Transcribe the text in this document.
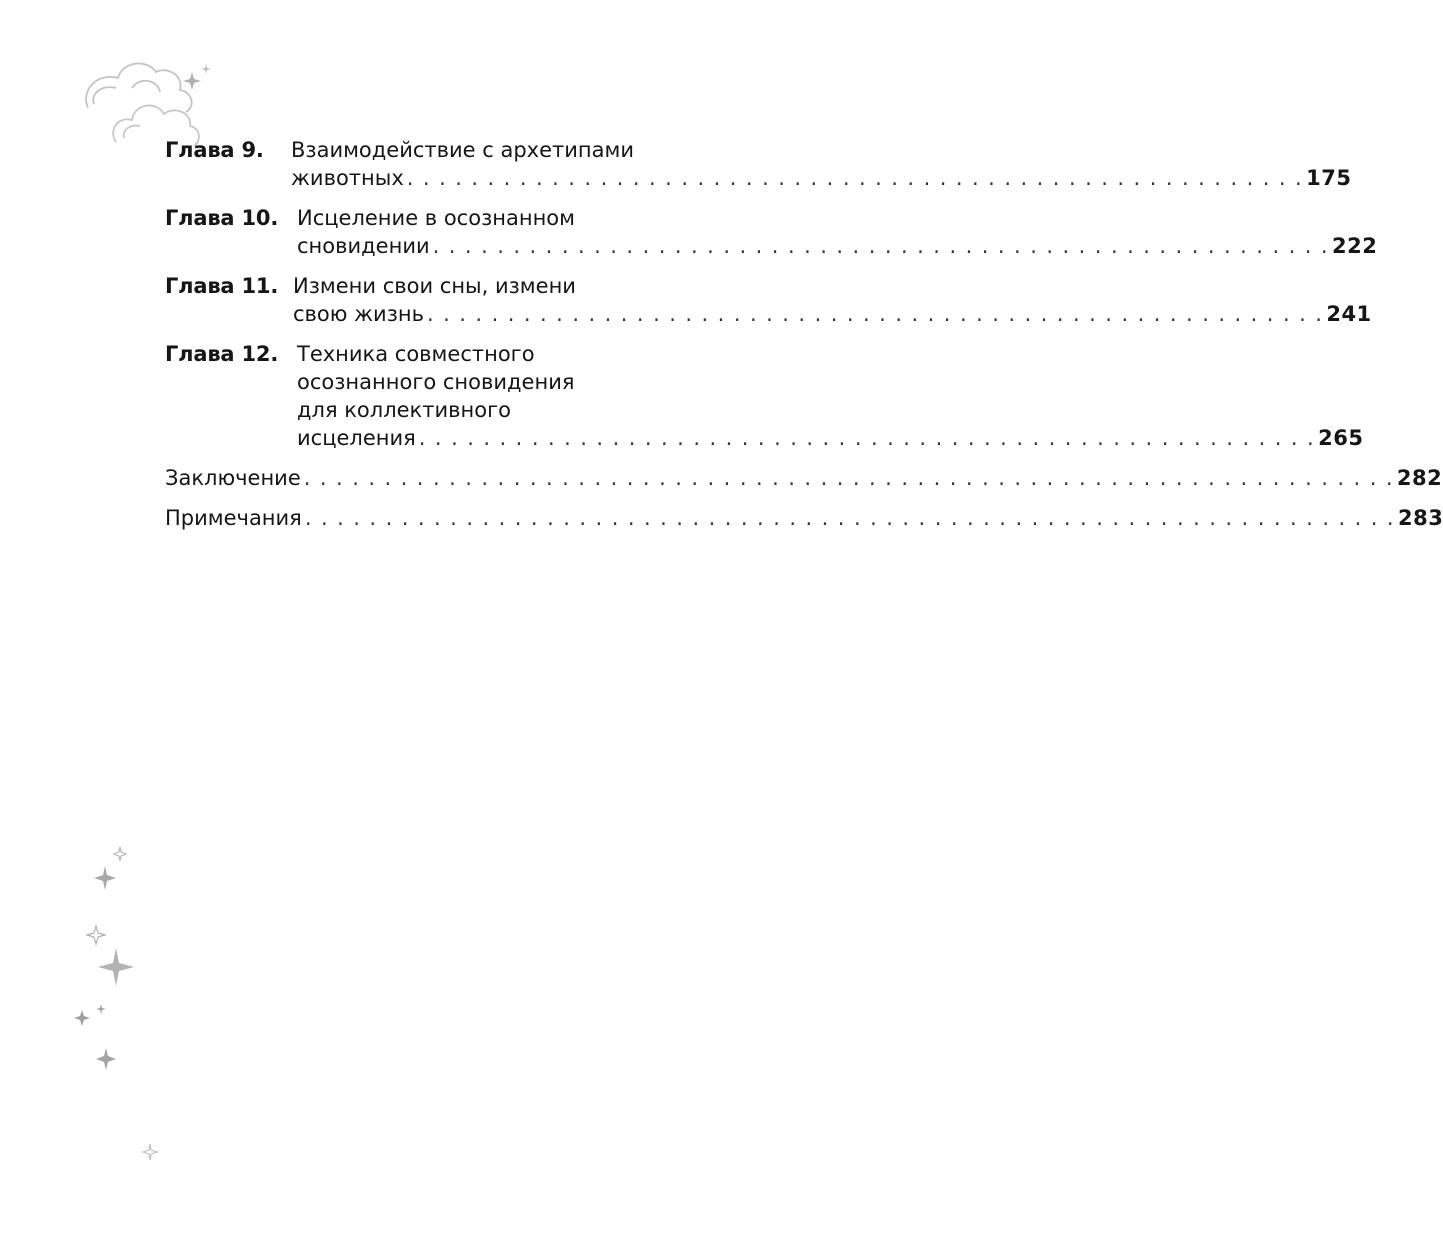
Глава 9.	Взаимодействие с архетипами
животных . . . . . . . . . . . . . . . . . . . . . . . . . . . . . . . . . . . . . . . . . . . . . . . . . . . . . . . . 175
Глава 10. Исцеление в осознанном
сновидении . . . . . . . . . . . . . . . . . . . . . . . . . . . . . . . . . . . . . . . . . . . . . . . . . . . . . . . . 222
Глава 11. Измени свои сны, измени
свою жизнь . . . . . . . . . . . . . . . . . . . . . . . . . . . . . . . . . . . . . . . . . . . . . . . . . . . . . . . . 241
Глава 12. Техника совместного
осознанного сновидения
для коллективного
исцеления . . . . . . . . . . . . . . . . . . . . . . . . . . . . . . . . . . . . . . . . . . . . . . . . . . . . . . . . 265
Заключение . . . . . . . . . . . . . . . . . . . . . . . . . . . . . . . . . . . . . . . . . . . . . . . . . . . . . . . . . . . . . . . . . . . . 282
Примечания . . . . . . . . . . . . . . . . . . . . . . . . . . . . . . . . . . . . . . . . . . . . . . . . . . . . . . . . . . . . . . . . . . . . 283
